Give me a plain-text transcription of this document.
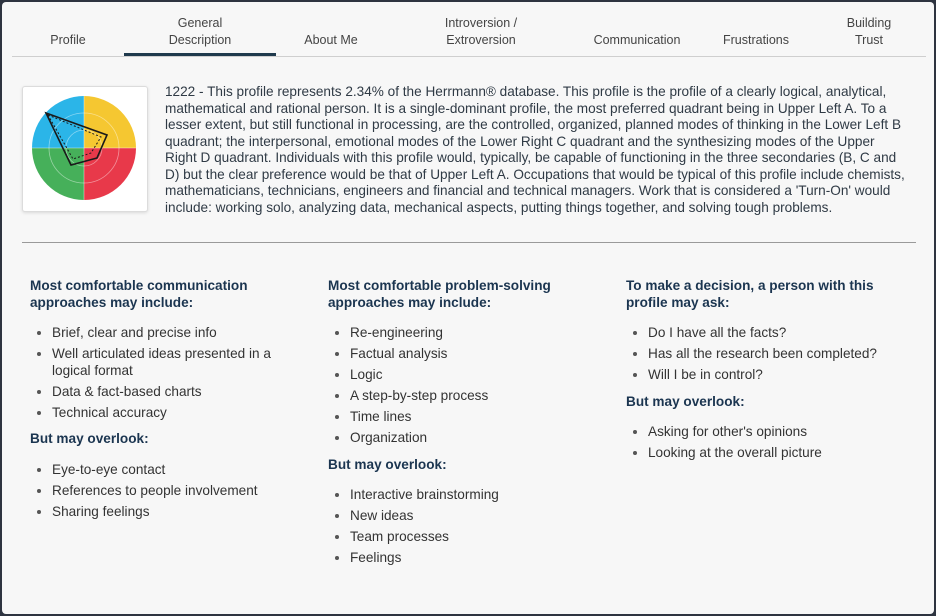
Profile
General
Description	About Me
Introversion /
Extroversion	Communication	Frustrations
Building
Trust
1222 - This profile represents 2.34% of the Herrmann® database. This profile is the profile of a clearly logical, analytical, mathematical and rational person. It is a single-dominant profile, the most preferred quadrant being in Upper Left A. To a lesser extent, but still functional in processing, are the controlled, organized, planned modes of thinking in the Lower Left B quadrant; the interpersonal, emotional modes of the Lower Right C quadrant and the synthesizing modes of the Upper Right D quadrant. Individuals with this profile would, typically, be capable of functioning in the three secondaries (B, C and D) but the clear preference would be that of Upper Left A. Occupations that would be typical of this profile include chemists, mathematicians, technicians, engineers and financial and technical managers. Work that is considered a 'Turn-On' would include: working solo, analyzing data, mechanical aspects, putting things together, and solving tough problems.
Most comfortable communication approaches may include:
• Brief, clear and precise info
• Well articulated ideas presented in a logical format
• Data & fact-based charts
• Technical accuracy
But may overlook:
• Eye-to-eye contact
• References to people involvement
• Sharing feelings
Most comfortable problem-solving approaches may include:
• Re-engineering
• Factual analysis
• Logic
• A step-by-step process
• Time lines
• Organization
But may overlook:
• Interactive brainstorming
• New ideas
• Team processes
• Feelings
To make a decision, a person with this profile may ask:
• Do I have all the facts?
• Has all the research been completed?
• Will I be in control?
But may overlook:
• Asking for other's opinions
• Looking at the overall picture
